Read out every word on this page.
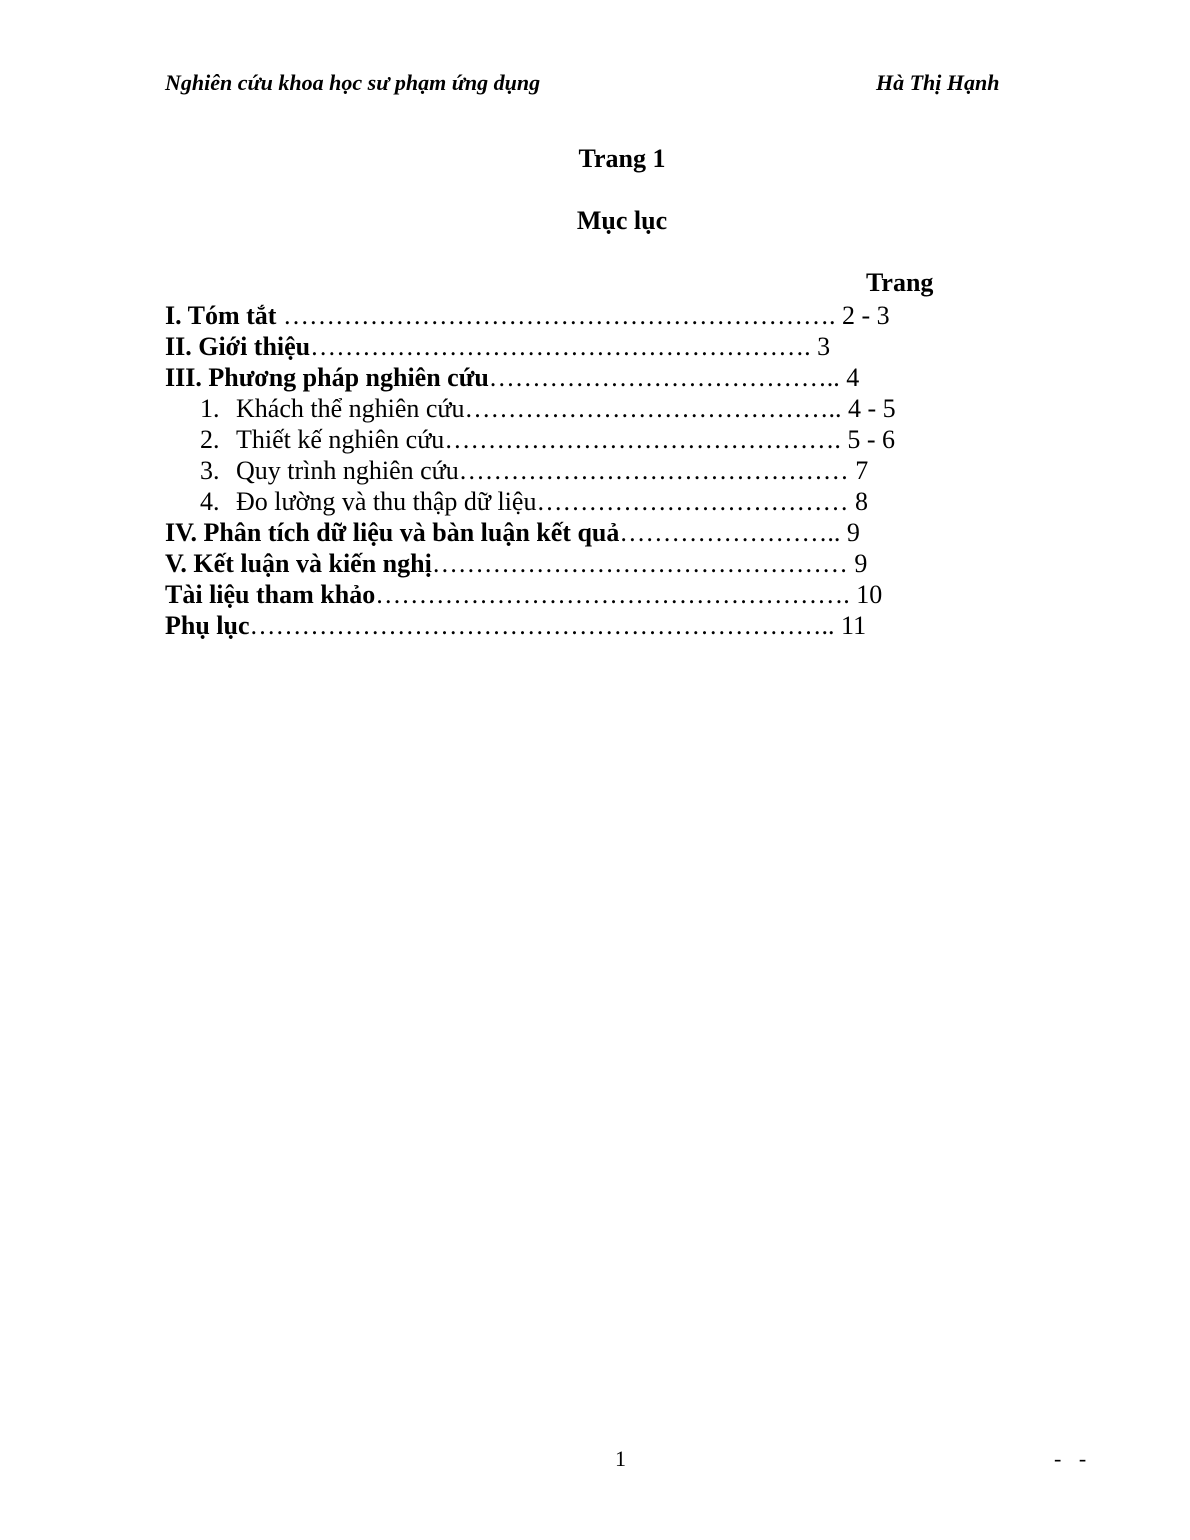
Nghiên cứu khoa học sư phạm ứng dụng	Hà Thị Hạnh
Trang 1
Mục lục
Trang
I. Tóm tắt ………………………………………………………. 2 - 3
II. Giới thiệu…………………………………………………. 3
III. Phương pháp nghiên cứu………………………………….. 4
1. Khách thể nghiên cứu…………………………………….. 4 - 5
2. Thiết kế nghiên cứu………………………………………. 5 - 6
3. Quy trình nghiên cứu……………………………………… 7
4. Đo lường và thu thập dữ liệu……………………………… 8
IV. Phân tích dữ liệu và bàn luận kết quả…………………….. 9
V. Kết luận và kiến nghị………………………………………… 9
Tài liệu tham khảo………………………………………………. 10
Phụ lục………………………………………………………….. 11
1	- -
